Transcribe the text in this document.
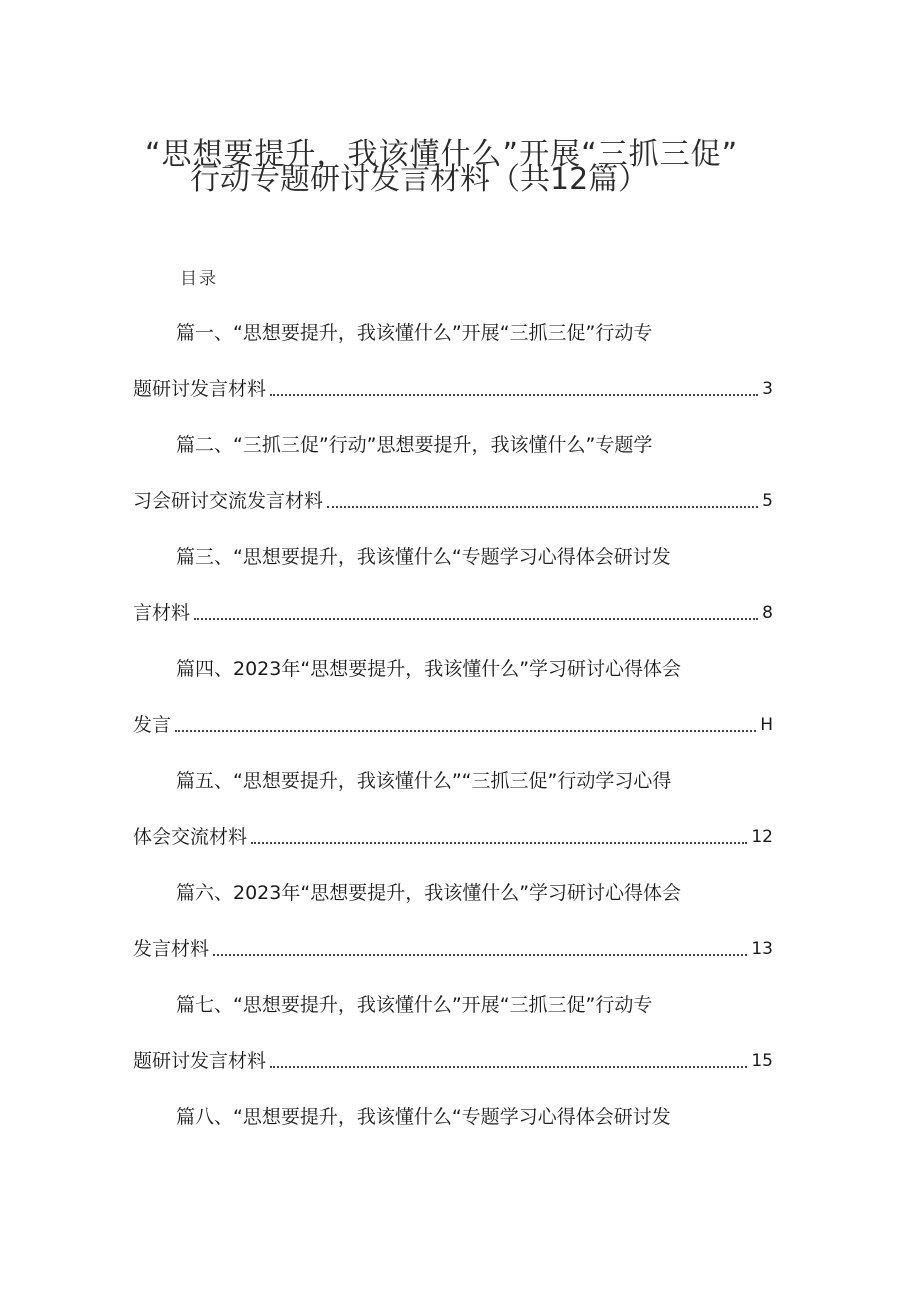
“思想要提升，我该懂什么”开展“三抓三促”
行动专题研讨发言材料（共12篇）
目录
篇一、“思想要提升，我该懂什么”开展“三抓三促”行动专
题研讨发言材料	3
篇二、“三抓三促”行动”思想要提升，我该懂什么”专题学
习会研讨交流发言材料	5
篇三、“思想要提升，我该懂什么“专题学习心得体会研讨发
言材料	8
篇四、2023年“思想要提升，我该懂什么”学习研讨心得体会
发言	H
篇五、“思想要提升，我该懂什么”“三抓三促”行动学习心得
体会交流材料	12
篇六、2023年“思想要提升，我该懂什么”学习研讨心得体会
发言材料	13
篇七、“思想要提升，我该懂什么”开展“三抓三促”行动专
题研讨发言材料	15
篇八、“思想要提升，我该懂什么“专题学习心得体会研讨发
